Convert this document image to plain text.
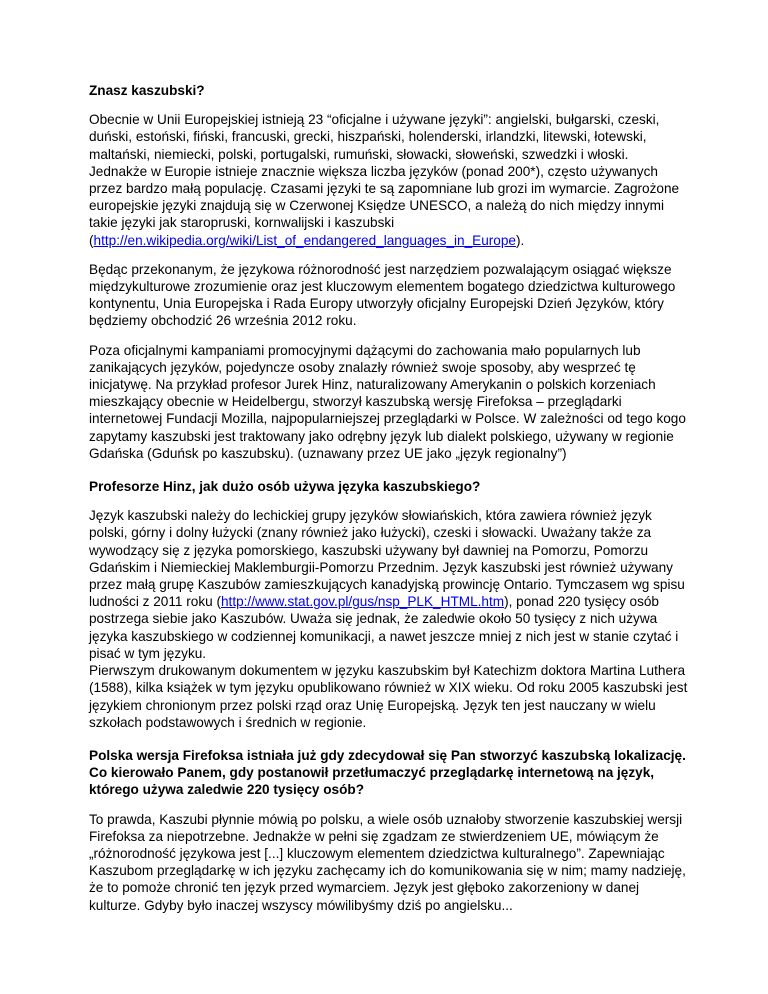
Znasz kaszubski?

Obecnie w Unii Europejskiej istnieją 23 “oficjalne i używane języki”: angielski, bułgarski, czeski, duński, estoński, fiński, francuski, grecki, hiszpański, holenderski, irlandzki, litewski, łotewski, maltański, niemiecki, polski, portugalski, rumuński, słowacki, słoweński, szwedzki i włoski. Jednakże w Europie istnieje znacznie większa liczba języków (ponad 200*), często używanych przez bardzo małą populację. Czasami języki te są zapomniane lub grozi im wymarcie. Zagrożone europejskie języki znajdują się w Czerwonej Księdze UNESCO, a należą do nich między innymi takie języki jak staropruski, kornwalijski i kaszubski (http://en.wikipedia.org/wiki/List_of_endangered_languages_in_Europe).

Będąc przekonanym, że językowa różnorodność jest narzędziem pozwalającym osiągać większe międzykulturowe zrozumienie oraz jest kluczowym elementem bogatego dziedzictwa kulturowego kontynentu, Unia Europejska i Rada Europy utworzyły oficjalny Europejski Dzień Języków, który będziemy obchodzić 26 września 2012 roku.

Poza oficjalnymi kampaniami promocyjnymi dążącymi do zachowania mało popularnych lub zanikających języków, pojedyncze osoby znalazły również swoje sposoby, aby wesprzeć tę inicjatywę. Na przykład profesor Jurek Hinz, naturalizowany Amerykanin o polskich korzeniach mieszkający obecnie w Heidelbergu, stworzył kaszubską wersję Firefoksa – przeglądarki internetowej Fundacji Mozilla, najpopularniejszej przeglądarki w Polsce. W zależności od tego kogo zapytamy kaszubski jest traktowany jako odrębny język lub dialekt polskiego, używany w regionie Gdańska (Gduńsk po kaszubsku). (uznawany przez UE jako „język regionalny”)

Profesorze Hinz, jak dużo osób używa języka kaszubskiego?

Język kaszubski należy do lechickiej grupy języków słowiańskich, która zawiera również język polski, górny i dolny łużycki (znany również jako łużycki), czeski i słowacki. Uważany także za wywodzący się z języka pomorskiego, kaszubski używany był dawniej na Pomorzu, Pomorzu Gdańskim i Niemieckiej Maklemburgii-Pomorzu Przednim. Język kaszubski jest również używany przez małą grupę Kaszubów zamieszkujących kanadyjską prowincję Ontario. Tymczasem wg spisu ludności z 2011 roku (http://www.stat.gov.pl/gus/nsp_PLK_HTML.htm), ponad 220 tysięcy osób postrzega siebie jako Kaszubów. Uważa się jednak, że zaledwie około 50 tysięcy z nich używa języka kaszubskiego w codziennej komunikacji, a nawet jeszcze mniej z nich jest w stanie czytać i pisać w tym języku.

Pierwszym drukowanym dokumentem w języku kaszubskim był Katechizm doktora Martina Luthera (1588), kilka książek w tym języku opublikowano również w XIX wieku. Od roku 2005 kaszubski jest językiem chronionym przez polski rząd oraz Unię Europejską. Język ten jest nauczany w wielu szkołach podstawowych i średnich w regionie.

Polska wersja Firefoksa istniała już gdy zdecydował się Pan stworzyć kaszubską lokalizację. Co kierowało Panem, gdy postanowił przetłumaczyć przeglądarkę internetową na język, którego używa zaledwie 220 tysięcy osób?

To prawda, Kaszubi płynnie mówią po polsku, a wiele osób uznałoby stworzenie kaszubskiej wersji Firefoksa za niepotrzebne. Jednakże w pełni się zgadzam ze stwierdzeniem UE, mówiącym że „różnorodność językowa jest [...] kluczowym elementem dziedzictwa kulturalnego”. Zapewniając Kaszubom przeglądarkę w ich języku zachęcamy ich do komunikowania się w nim; mamy nadzieję, że to pomoże chronić ten język przed wymarciem. Język jest głęboko zakorzeniony w danej kulturze. Gdyby było inaczej wszyscy mówilibyśmy dziś po angielsku...
